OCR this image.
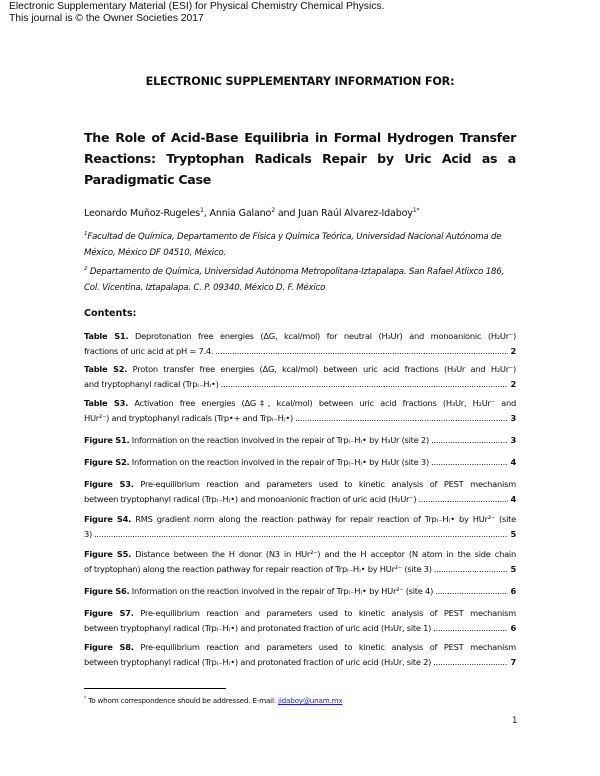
Electronic Supplementary Material (ESI) for Physical Chemistry Chemical Physics.
This journal is © the Owner Societies 2017
ELECTRONIC SUPPLEMENTARY INFORMATION FOR:
The Role of Acid-Base Equilibria in Formal Hydrogen Transfer Reactions: Tryptophan Radicals Repair by Uric Acid as a Paradigmatic Case
Leonardo Muñoz-Rugeles$^1$, Annia Galano$^2$ and Juan Raúl Alvarez-Idaboy$^{1*}$
$^1$Facultad de Química, Departamento de Física y Química Teórica, Universidad Nacional Autónoma de México, México DF 04510, México.
$^2$ Departamento de Química, Universidad Autónoma Metropolitana-Iztapalapa. San Rafael Atlixco 186, Col. Vicentina. Iztapalapa. C. P. 09340. México D. F. México
Contents:
Table S1. Deprotonation free energies (ΔG, kcal/mol) for neutral (H₃Ur) and monoanionic (H₂Ur⁻)
fractions of uric acid at pH = 7.4. .....	2
Table S2. Proton transfer free energies (ΔG, kcal/mol) between uric acid fractions (H₃Ur and H₂Ur⁻)
and tryptophanyl radical (Trp₍₋H₎•) .....	2
Table S3. Activation free energies (ΔG‡, kcal/mol) between uric acid fractions (H₃Ur, H₂Ur⁻ and
HUr²⁻) and tryptophanyl radicals (Trp•+ and Trp₍₋H₎•) .....	3
Figure S1. Information on the reaction involved in the repair of Trp₍₋H₎• by H₃Ur (site 2) .....	3
Figure S2. Information on the reaction involved in the repair of Trp₍₋H₎• by H₃Ur (site 3) .....	4
Figure S3. Pre-equilibrium reaction and parameters used to kinetic analysis of PEST mechanism
between tryptophanyl radical (Trp₍₋H₎•) and monoanionic fraction of uric acid (H₂Ur⁻) .....	4
Figure S4. RMS gradient norm along the reaction pathway for repair reaction of Trp₍₋H₎• by HUr²⁻ (site
3) .....	5
Figure S5. Distance between the H donor (N3 in HUr²⁻) and the H acceptor (N atom in the side chain
of tryptophan) along the reaction pathway for repair reaction of Trp₍₋H₎• by HUr²⁻ (site 3) .....	5
Figure S6. Information on the reaction involved in the repair of Trp₍₋H₎• by HUr²⁻ (site 4) .....	6
Figure S7. Pre-equilibrium reaction and parameters used to kinetic analysis of PEST mechanism
between tryptophanyl radical (Trp₍₋H₎•) and protonated fraction of uric acid (H₃Ur, site 1) .....	6
Figure S8. Pre-equilibrium reaction and parameters used to kinetic analysis of PEST mechanism
between tryptophanyl radical (Trp₍₋H₎•) and protonated fraction of uric acid (H₃Ur, site 2) .....	7
* To whom correspondence should be addressed. E-mail: jidaboy@unam.mx
1
